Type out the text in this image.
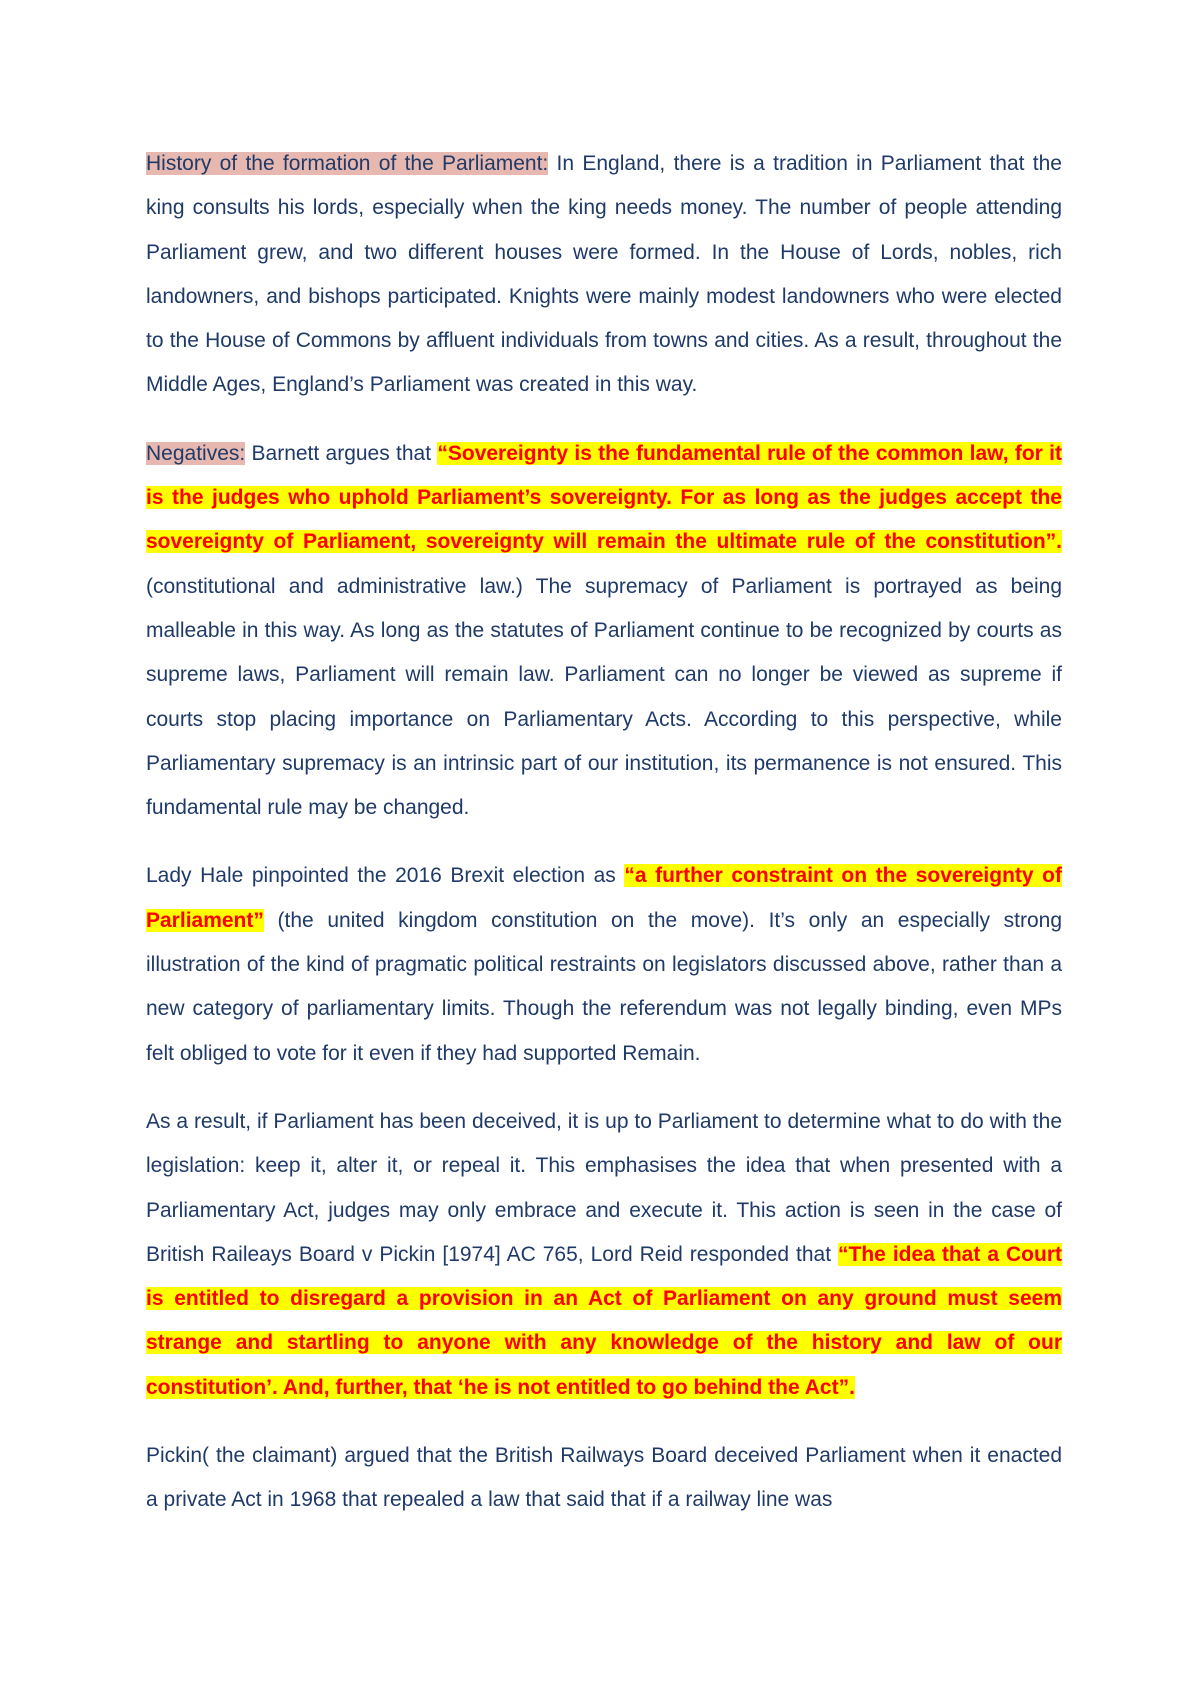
History of the formation of the Parliament: In England, there is a tradition in Parliament that the king consults his lords, especially when the king needs money. The number of people attending Parliament grew, and two different houses were formed. In the House of Lords, nobles, rich landowners, and bishops participated. Knights were mainly modest landowners who were elected to the House of Commons by affluent individuals from towns and cities. As a result, throughout the Middle Ages, England’s Parliament was created in this way.

Negatives: Barnett argues that “Sovereignty is the fundamental rule of the common law, for it is the judges who uphold Parliament’s sovereignty. For as long as the judges accept the sovereignty of Parliament, sovereignty will remain the ultimate rule of the constitution”. (constitutional and administrative law.) The supremacy of Parliament is portrayed as being malleable in this way. As long as the statutes of Parliament continue to be recognized by courts as supreme laws, Parliament will remain law. Parliament can no longer be viewed as supreme if courts stop placing importance on Parliamentary Acts. According to this perspective, while Parliamentary supremacy is an intrinsic part of our institution, its permanence is not ensured. This fundamental rule may be changed.

Lady Hale pinpointed the 2016 Brexit election as “a further constraint on the sovereignty of Parliament” (the united kingdom constitution on the move). It’s only an especially strong illustration of the kind of pragmatic political restraints on legislators discussed above, rather than a new category of parliamentary limits. Though the referendum was not legally binding, even MPs felt obliged to vote for it even if they had supported Remain.

As a result, if Parliament has been deceived, it is up to Parliament to determine what to do with the legislation: keep it, alter it, or repeal it. This emphasises the idea that when presented with a Parliamentary Act, judges may only embrace and execute it. This action is seen in the case of British Raileays Board v Pickin [1974] AC 765, Lord Reid responded that “The idea that a Court is entitled to disregard a provision in an Act of Parliament on any ground must seem strange and startling to anyone with any knowledge of the history and law of our constitution’. And, further, that ‘he is not entitled to go behind the Act”.

Pickin( the claimant) argued that the British Railways Board deceived Parliament when it enacted a private Act in 1968 that repealed a law that said that if a railway line was
